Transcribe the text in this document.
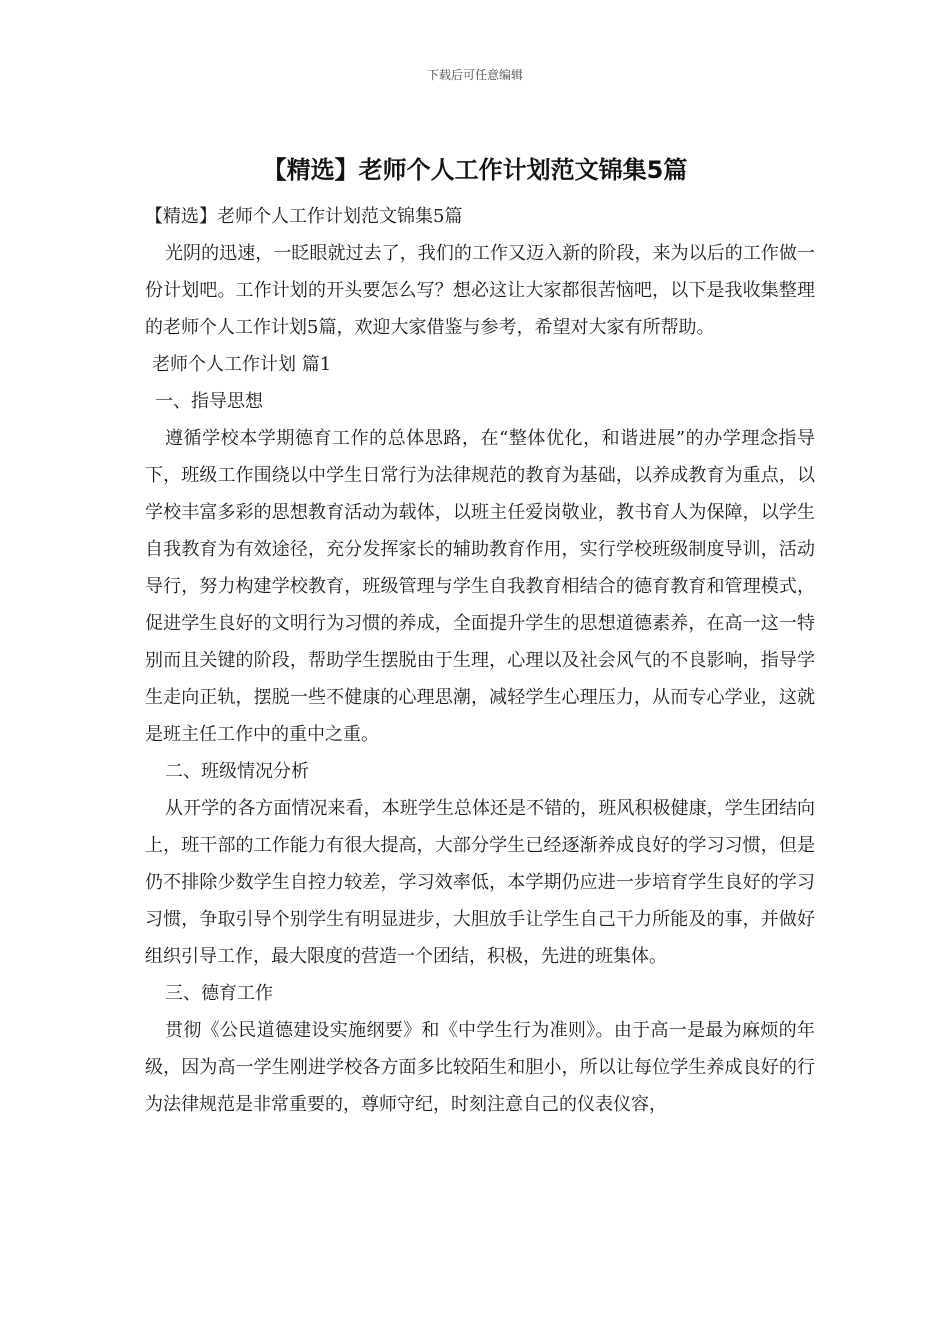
下载后可任意编辑
【精选】老师个人工作计划范文锦集5篇

【精选】老师个人工作计划范文锦集5篇

光阴的迅速，一眨眼就过去了，我们的工作又迈入新的阶段，来为以后的工作做一份计划吧。工作计划的开头要怎么写？想必这让大家都很苦恼吧，以下是我收集整理的老师个人工作计划5篇，欢迎大家借鉴与参考，希望对大家有所帮助。

老师个人工作计划 篇1

一、指导思想

遵循学校本学期德育工作的总体思路，在“整体优化，和谐进展”的办学理念指导下，班级工作围绕以中学生日常行为法律规范的教育为基础，以养成教育为重点，以学校丰富多彩的思想教育活动为载体，以班主任爱岗敬业，教书育人为保障，以学生自我教育为有效途径，充分发挥家长的辅助教育作用，实行学校班级制度导训，活动导行，努力构建学校教育，班级管理与学生自我教育相结合的德育教育和管理模式，促进学生良好的文明行为习惯的养成，全面提升学生的思想道德素养，在高一这一特别而且关键的阶段，帮助学生摆脱由于生理，心理以及社会风气的不良影响，指导学生走向正轨，摆脱一些不健康的心理思潮，减轻学生心理压力，从而专心学业，这就是班主任工作中的重中之重。

二、班级情况分析

从开学的各方面情况来看，本班学生总体还是不错的，班风积极健康，学生团结向上，班干部的工作能力有很大提高，大部分学生已经逐渐养成良好的学习习惯，但是仍不排除少数学生自控力较差，学习效率低，本学期仍应进一步培育学生良好的学习习惯，争取引导个别学生有明显进步，大胆放手让学生自己干力所能及的事，并做好组织引导工作，最大限度的营造一个团结，积极，先进的班集体。

三、德育工作

贯彻《公民道德建设实施纲要》和《中学生行为准则》。由于高一是最为麻烦的年级，因为高一学生刚进学校各方面多比较陌生和胆小，所以让每位学生养成良好的行为法律规范是非常重要的，尊师守纪，时刻注意自己的仪表仪容，
